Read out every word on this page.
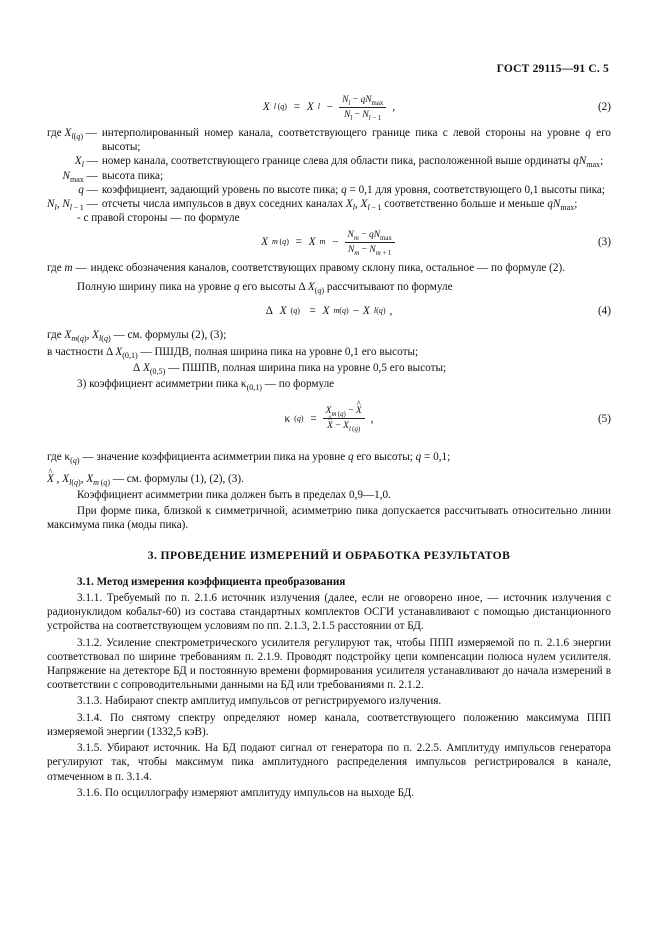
ГОСТ 29115—91 С. 5
X l (q) = X $l - \frac{N_l - qN_{max}}{N_l - N_{l - 1}}$ ,	(2)
где $X_{l(q)}$ — интерполированный номер канала, соответствующего границе пика с левой стороны на уровне q его высоты;
$X_l$ — номер канала, соответствующего границе слева для области пика, расположенной выше ординаты $qN_{max}$;
$N_{max}$ — высота пика;
q — коэффициент, задающий уровень по высоте пика; q = 0,1 для уровня, соответствующего 0,1 высоты пика;
$N_l$, $N_{l - 1}$ — отсчеты числа импульсов в двух соседних каналах $X_l$, $X_{l - 1}$ соответственно больше и меньше $qN_{max}$;

- с правой стороны — по формуле

X m (q) = X $m - \frac{N_m - qN_{max}}{N_m - N_{m + 1}}$	(3)
где m — индекс обозначения каналов, соответствующих правому склону пика, остальное — по формуле (2).

Полную ширину пика на уровне q его высоты Δ $X_{(q)}$ рассчитывают по формуле

Δ X (q) = X m(q) − X l(q) ,	(4)

где $X_{m(q)}$, $X_{l(q)}$ — см. формулы (2), (3);

в частности Δ $X_{(0,1)}$ — ПШДВ, полная ширина пика на уровне 0,1 его высоты;

Δ $X_{(0,5)}$ — ПШПВ, полная ширина пика на уровне 0,5 его высоты;

3) коэффициент асимметрии пика $\kappa_{(0,1)}$ — по формуле

κ $(q) = X_{m (q)}$ − ^ X
^ $X - X_{l (q)}$ ,	(5)

где $\kappa_{(q)}$ — значение коэффициента асимметрии пика на уровне q его высоты; q = 0,1;

^ X , $X_{l(q)}$, $X_{m (q)}$ — см. формулы (1), (2), (3).

Коэффициент асимметрии пика должен быть в пределах 0,9—1,0.

При форме пика, близкой к симметричной, асимметрию пика допускается рассчитывать относительно линии максимума пика (моды пика).

3. ПРОВЕДЕНИЕ ИЗМЕРЕНИЙ И ОБРАБОТКА РЕЗУЛЬТАТОВ

3.1. Метод измерения коэффициента преобразования

3.1.1. Требуемый по п. 2.1.6 источник излучения (далее, если не оговорено иное, — источник излучения с радионуклидом кобальт-60) из состава стандартных комплектов ОСГИ устанавливают с помощью дистанционного устройства на соответствующем условиям по пп. 2.1.3, 2.1.5 расстоянии от БД.

3.1.2. Усиление спектрометрического усилителя регулируют так, чтобы ППП измеряемой по п. 2.1.6 энергии соответствовал по ширине требованиям п. 2.1.9. Проводят подстройку цепи компенсации полюса нулем усилителя. Напряжение на детекторе БД и постоянную времени формирования усилителя устанавливают до начала измерений в соответствии с сопроводительными данными на БД или требованиями п. 2.1.2.

3.1.3. Набирают спектр амплитуд импульсов от регистрируемого излучения.

3.1.4. По снятому спектру определяют номер канала, соответствующего положению максимума ППП измеряемой энергии (1332,5 кэВ).

3.1.5. Убирают источник. На БД подают сигнал от генератора по п. 2.2.5. Амплитуду импульсов генератора регулируют так, чтобы максимум пика амплитудного распределения импульсов регистрировался в канале, отмеченном в п. 3.1.4.

3.1.6. По осциллографу измеряют амплитуду импульсов на выходе БД.
